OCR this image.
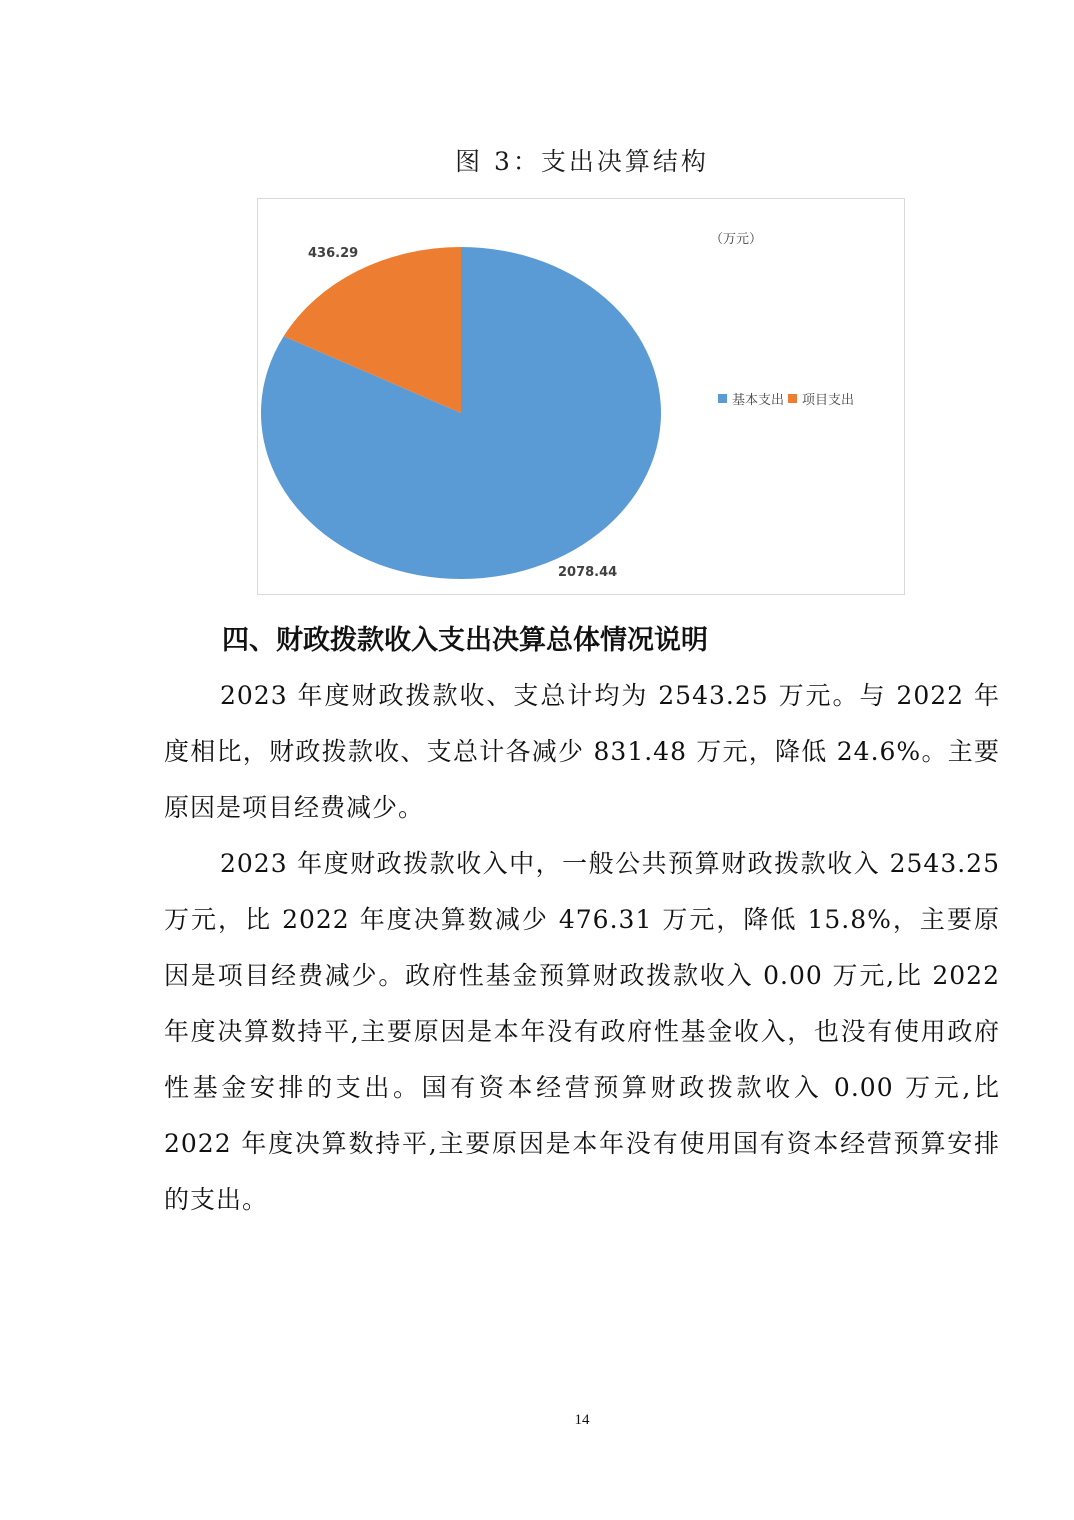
图 3：支出决算结构
（万元）
436.29
2078.44
基本支出 项目支出
四、财政拨款收入支出决算总体情况说明

2023 年度财政拨款收、支总计均为 2543.25 万元。与 2022 年度相比，财政拨款收、支总计各减少 831.48 万元，降低 24.6%。主要原因是项目经费减少。

2023 年度财政拨款收入中，一般公共预算财政拨款收入 2543.25 万元，比 2022 年度决算数减少 476.31 万元，降低 15.8%，主要原因是项目经费减少。政府性基金预算财政拨款收入 0.00 万元,比 2022 年度决算数持平,主要原因是本年没有政府性基金收入，也没有使用政府性基金安排的支出。国有资本经营预算财政拨款收入 0.00 万元,比 2022 年度决算数持平,主要原因是本年没有使用国有资本经营预算安排的支出。

14
